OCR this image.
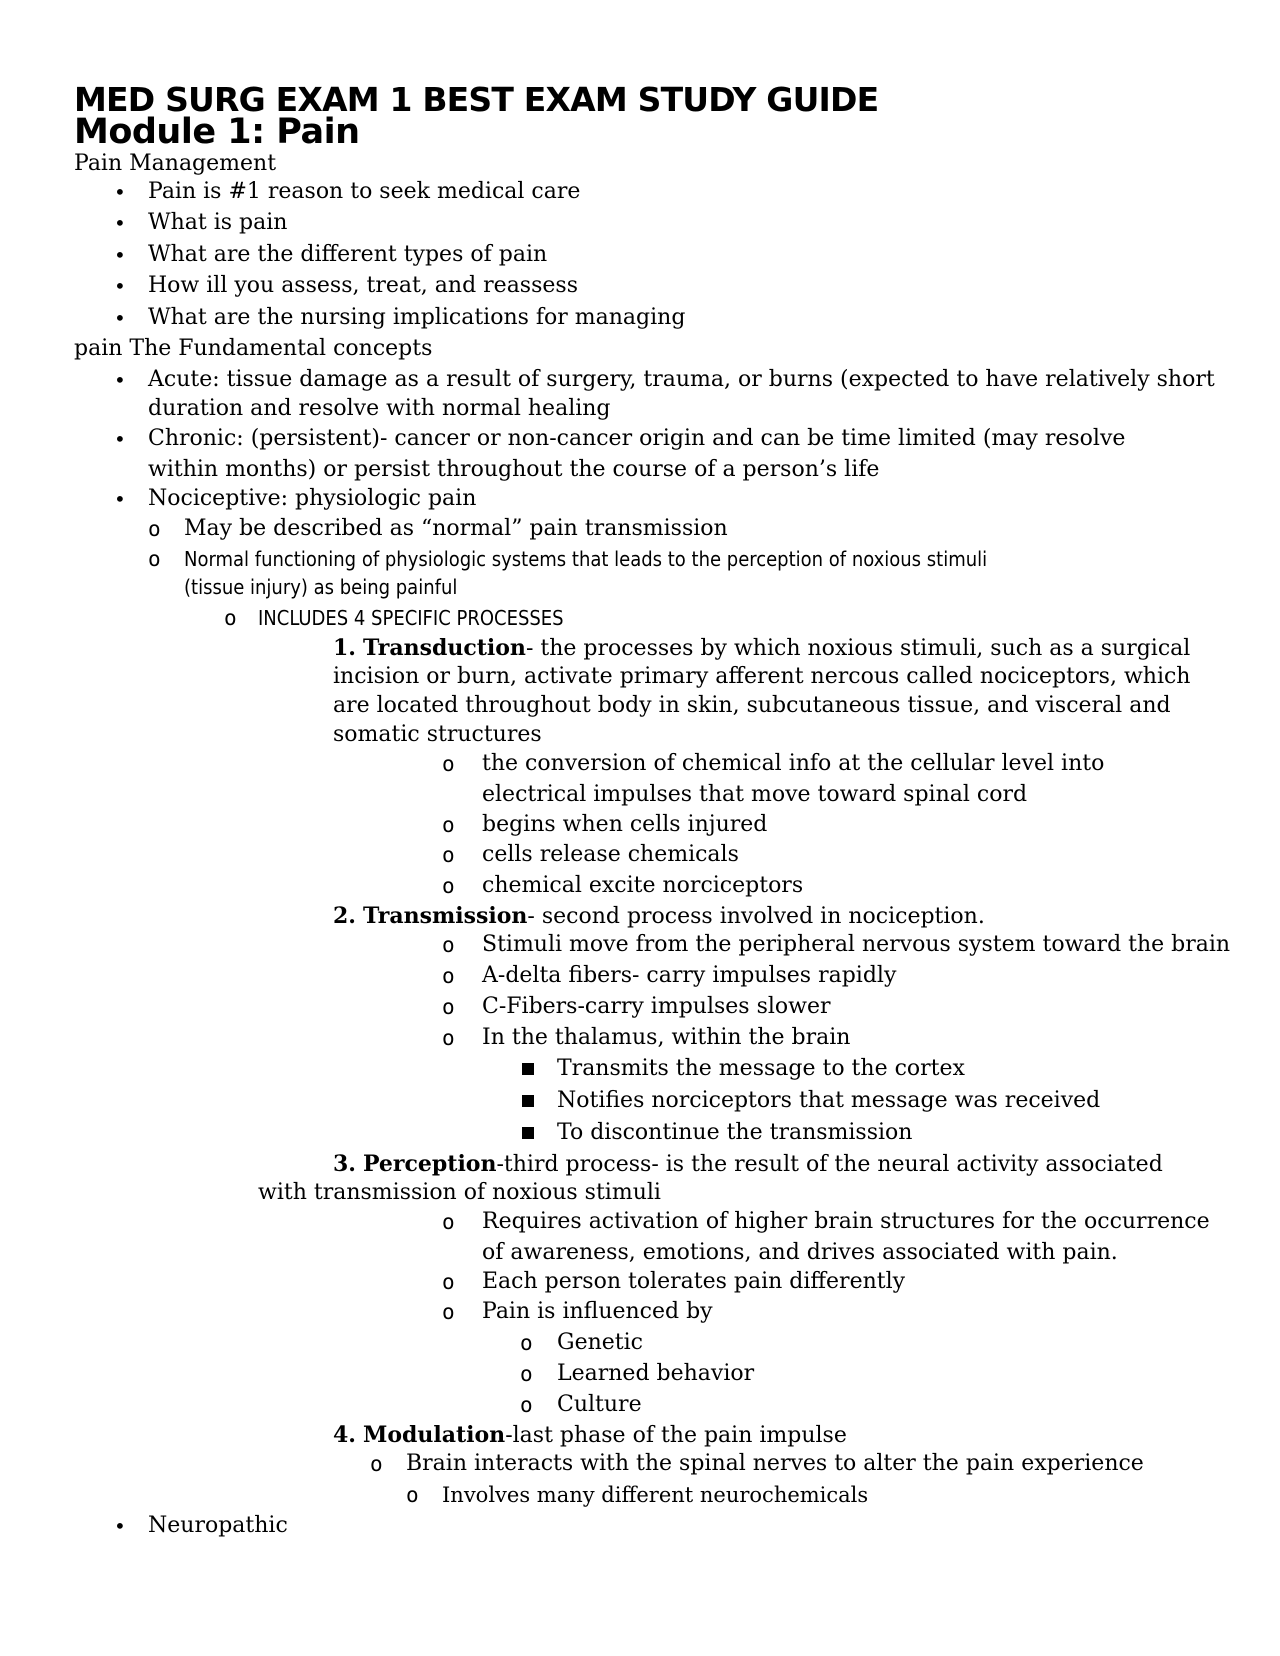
MED SURG EXAM 1 BEST EXAM STUDY GUIDE
Module 1: Pain
Pain Management
• Pain is #1 reason to seek medical care
• What is pain
• What are the different types of pain
• How ill you assess, treat, and reassess
• What are the nursing implications for managing
pain The Fundamental concepts
• Acute: tissue damage as a result of surgery, trauma, or burns (expected to have relatively short
duration and resolve with normal healing
• Chronic: (persistent)- cancer or non-cancer origin and can be time limited (may resolve
within months) or persist throughout the course of a person’s life
• Nociceptive: physiologic pain
o May be described as “normal” pain transmission
o Normal functioning of physiologic systems that leads to the perception of noxious stimuli
(tissue injury) as being painful
o INCLUDES 4 SPECIFIC PROCESSES
1. Transduction- the processes by which noxious stimuli, such as a surgical
incision or burn, activate primary afferent nercous called nociceptors, which
are located throughout body in skin, subcutaneous tissue, and visceral and
somatic structures
o the conversion of chemical info at the cellular level into
electrical impulses that move toward spinal cord
o begins when cells injured
o cells release chemicals
o chemical excite norciceptors
2. Transmission- second process involved in nociception.
o Stimuli move from the peripheral nervous system toward the brain
o A-delta fibers- carry impulses rapidly
o C-Fibers-carry impulses slower
o In the thalamus, within the brain
Transmits the message to the cortex
Notifies norciceptors that message was received
To discontinue the transmission
3. Perception-third process- is the result of the neural activity associated
with transmission of noxious stimuli
o Requires activation of higher brain structures for the occurrence
of awareness, emotions, and drives associated with pain.
o Each person tolerates pain differently
o Pain is influenced by
o Genetic
o Learned behavior
o Culture
4. Modulation-last phase of the pain impulse
o Brain interacts with the spinal nerves to alter the pain experience
o Involves many different neurochemicals
• Neuropathic
